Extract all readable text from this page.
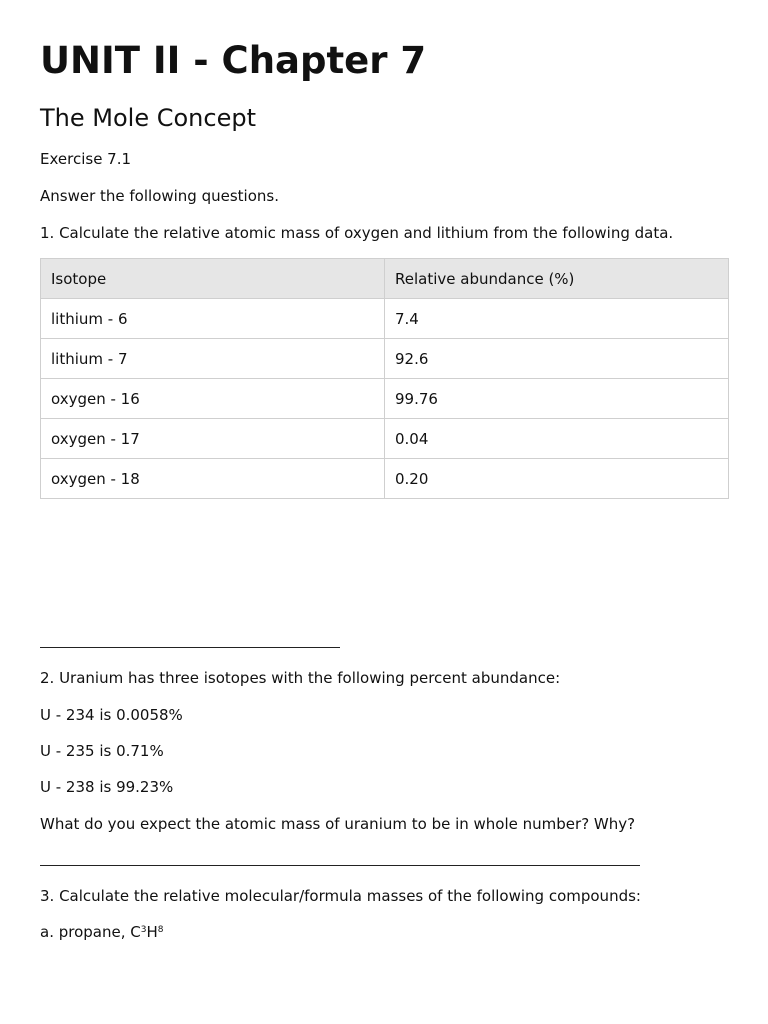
UNIT II - Chapter 7
The Mole Concept

Exercise 7.1

Answer the following questions.

1. Calculate the relative atomic mass of oxygen and lithium from the following data.

Isotope	Relative abundance (%)
lithium - 6	7.4
lithium - 7	92.6
oxygen - 16	99.76
oxygen - 17	0.04
oxygen - 18	0.20

2. Uranium has three isotopes with the following percent abundance:

U - 234 is 0.0058%

U - 235 is 0.71%

U - 238 is 99.23%

What do you expect the atomic mass of uranium to be in whole number? Why?

3. Calculate the relative molecular/formula masses of the following compounds:

a. propane, $C^3H^8$
